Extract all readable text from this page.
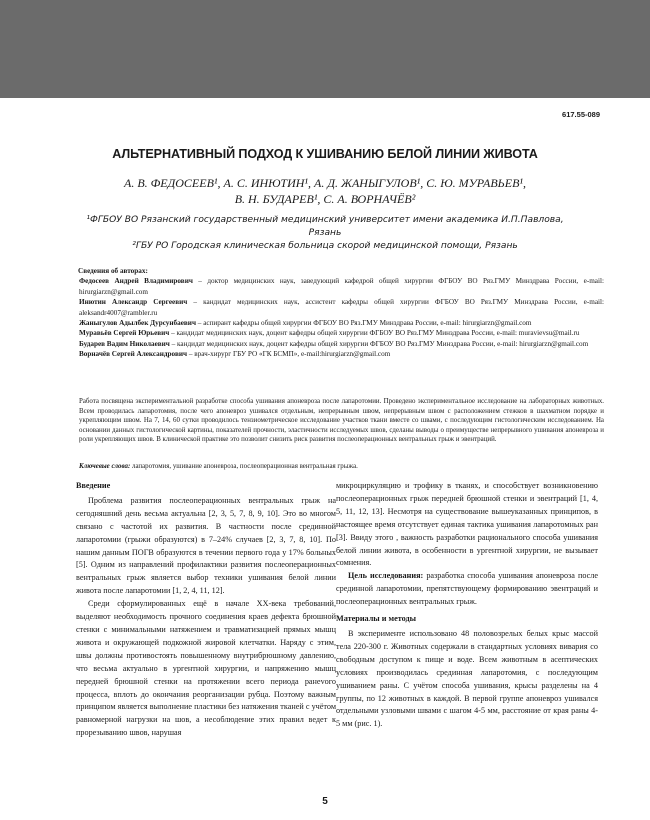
617.55-089
АЛЬТЕРНАТИВНЫЙ ПОДХОД К УШИВАНИЮ БЕЛОЙ ЛИНИИ ЖИВОТА
А. В. ФЕДОСЕЕВ¹, А. С. ИНЮТИН¹, А. Д. ЖАНЫГУЛОВ¹, С. Ю. МУРАВЬЕВ¹,
В. Н. БУДАРЕВ¹, С. А. ВОРНАЧЁВ²
¹ФГБОУ ВО Рязанский государственный медицинский университет имени академика И.П.Павлова,
Рязань
²ГБУ РО Городская клиническая больница скорой медицинской помощи, Рязань
Сведения об авторах:

Федосеев Андрей Владимирович – доктор медицинских наук, заведующий кафедрой общей хирургии ФГБОУ ВО Ряз.ГМУ Минздрава России, e-mail: hirurgiarzn@gmail.com

Инютин Александр Сергеевич – кандидат медицинских наук, ассистент кафедры общей хирургии ФГБОУ ВО Ряз.ГМУ Минздрава России, e-mail: aleksandr4007@rambler.ru

Жаныгулов Адылбек Дурсунбаевич – аспирант кафедры общей хирургии ФГБОУ ВО Ряз.ГМУ Минздрава России, e-mail: hirurgiarzn@gmail.com

Муравьёв Сергей Юрьевич – кандидат медицинских наук, доцент кафедры общей хирургии ФГБОУ ВО Ряз.ГМУ Минздрава России, e-mail: muravievsu@mail.ru

Бударев Вадим Николаевич – кандидат медицинских наук, доцент кафедры общей хирургии ФГБОУ ВО Ряз.ГМУ Минздрава России, e-mail: hirurgiarzn@gmail.com

Ворначёв Сергей Александрович – врач-хирург ГБУ РО «ГК БСМП», e-mail:hirurgiarzn@gmail.com

Работа посвящена экспериментальной разработке способа ушивания апоневроза после лапаротомии. Проведено экспериментальное исследование на лабораторных животных. Всем проводилась лапаротомия, после чего апоневроз ушивался отдельным, непрерывным швом, непрерывным швом с расположением стежков в шахматном порядке и укрепляющим швом. На 7, 14, 60 сутки проводилось тензиометрическое исследование участков ткани вместе со швами, с последующим гистологическим исследованием. На основании данных гистологической картины, показателей прочности, эластичности исследуемых швов, сделаны выводы о преимуществе непрерывного ушивания апоневроза и роли укрепляющих швов. В клинической практике это позволит снизить риск развития послеоперационных вентральных грыж и эвентраций.

Ключевые слова: лапаротомия, ушивание апоневроза, послеоперационная вентральная грыжа.
Введение

Проблема развития послеоперационных вентральных грыж на сегодняшний день весьма актуальна [2, 3, 5, 7, 8, 9, 10]. Это во многом связано с частотой их развития. В частности после срединной лапаротомии (грыжи образуются) в 7–24% случаев [2, 3, 7, 8, 10]. По нашим данным ПОГВ образуются в течении первого года у 17% больных [5]. Одним из направлений профилактики развития послеоперационных вентральных грыж является выбор техники ушивания белой линии живота после лапаротомии [1, 2, 4, 11, 12].

Среди сформулированных ещё в начале XX-века требований, выделяют необходимость прочного соединения краев дефекта брюшной стенки с минимальными натяжением и травматизацией прямых мышц живота и окружающей подкожной жировой клетчатки. Наряду с этим, швы должны противостоять повышенному внутрибрюшному давлению, что весьма актуально в ургентной хирургии, и напряжению мышц передней брюшной стенки на протяжении всего периода ранevого процесса, вплоть до окончания реорганизации рубца. Поэтому важным принципом является выполнение пластики без натяжения тканей с учётом равномерной нагрузки на шов, а несоблюдение этих правил ведет к прорезыванию швов, нарушая

микроциркуляцию и трофику в тканях, и способствует возникновению послеоперационных грыж передней брюшной стенки и эвентраций [1, 4, 5, 11, 12, 13]. Несмотря на существование вышеуказанных принципов, в настоящее время отсутствует единая тактика ушивания лапаротомных ран [3]. Ввиду этого , важность разработки рационального способа ушивания белой линии живота, в особенности в ургентной хирургии, не вызывает сомнения.

Цель исследования: разработка способа ушивания апоневроза после срединной лапаротомии, препятствующему формированию эвентраций и послеоперационных вентральных грыж.

Материалы и методы

В эксперименте использовано 48 половозрелых белых крыс массой тела 220-300 г. Животных содержали в стандартных условиях вивария со свободным доступом к пище и воде. Всем животным в асептических условиях производилась срединная лапаротомия, с последующим ушиванием раны. С учётом способа ушивания, крысы разделены на 4 группы, по 12 животных в каждой. В первой группе апоневроз ушивался отдельными узловыми швами с шагом 4-5 мм, расстояние от края раны 4-5 мм (рис. 1).

5
